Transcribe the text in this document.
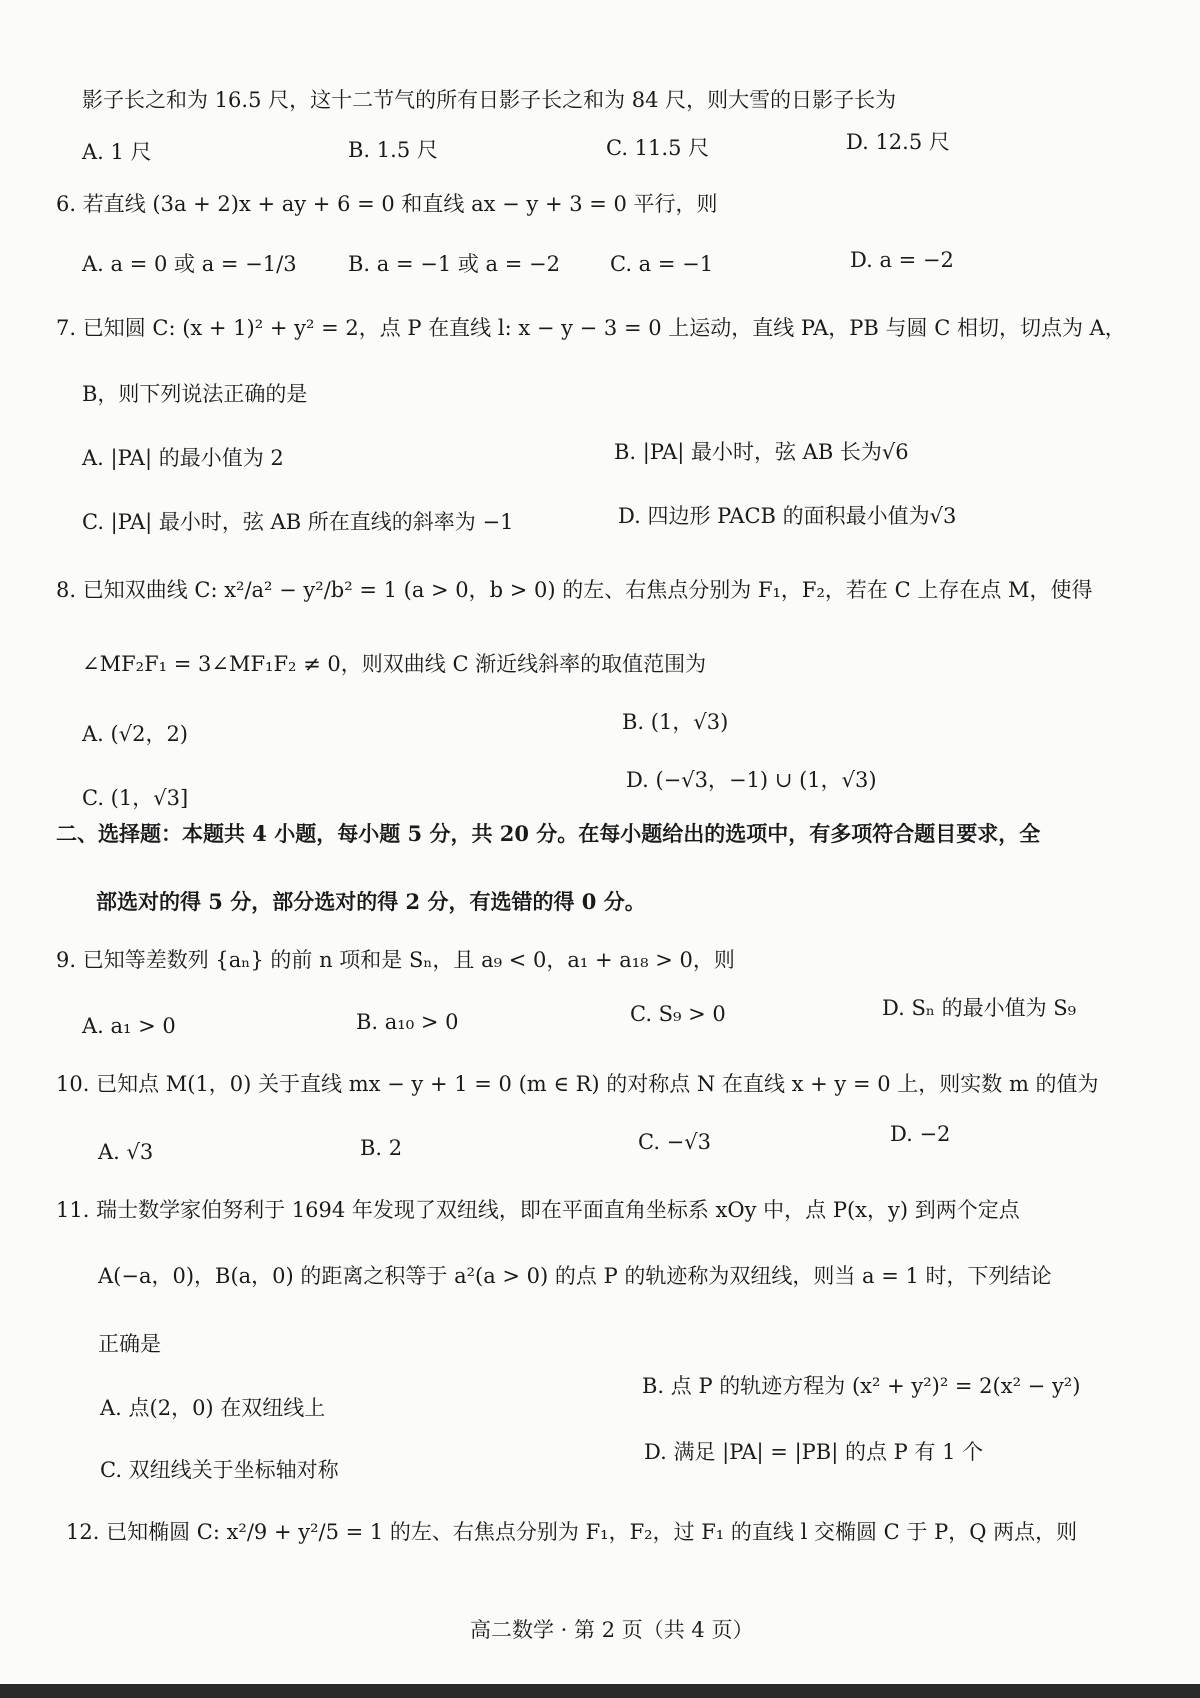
影子长之和为 16.5 尺，这十二节气的所有日影子长之和为 84 尺，则大雪的日影子长为
A. 1 尺	B. 1.5 尺	C. 11.5 尺	D. 12.5 尺
6. 若直线 (3a + 2)x + ay + 6 = 0 和直线 ax − y + 3 = 0 平行，则
A. a = 0 或 a = −1/3 B. a = −1 或 a = −2 C. a = −1	D. a = −2
7. 已知圆 C: (x + 1)² + y² = 2，点 P 在直线 l: x − y − 3 = 0 上运动，直线 PA，PB 与圆 C 相切，切点为 A，
B，则下列说法正确的是
A. |PA| 的最小值为 2	B. |PA| 最小时，弦 AB 长为√6
C. |PA| 最小时，弦 AB 所在直线的斜率为 −1	D. 四边形 PACB 的面积最小值为√3
8. 已知双曲线 C: x²/a² − y²/b² = 1 (a > 0，b > 0) 的左、右焦点分别为 F₁，F₂，若在 C 上存在点 M，使得
∠MF₂F₁ = 3∠MF₁F₂ ≠ 0，则双曲线 C 渐近线斜率的取值范围为
A. (√2，2)	B. (1，√3)
C. (1，√3]
D. (−√3，−1) ∪ (1，√3)
二、选择题：本题共 4 小题，每小题 5 分，共 20 分。在每小题给出的选项中，有多项符合题目要求，全
部选对的得 5 分，部分选对的得 2 分，有选错的得 0 分。
9. 已知等差数列 {aₙ} 的前 n 项和是 Sₙ，且 a₉ < 0，a₁ + a₁₈ > 0，则
A. a₁ > 0	B. a₁₀ > 0	C. S₉ > 0	D. Sₙ 的最小值为 S₉
10. 已知点 M(1，0) 关于直线 mx − y + 1 = 0 (m ∈ R) 的对称点 N 在直线 x + y = 0 上，则实数 m 的值为
A. √3	B. 2	C. −√3	D. −2
11. 瑞士数学家伯努利于 1694 年发现了双纽线，即在平面直角坐标系 xOy 中，点 P(x，y) 到两个定点
A(−a，0)，B(a，0) 的距离之积等于 a²(a > 0) 的点 P 的轨迹称为双纽线，则当 a = 1 时，下列结论
正确是
A. 点(2，0) 在双纽线上
B. 点 P 的轨迹方程为 (x² + y²)² = 2(x² − y²)
C. 双纽线关于坐标轴对称
D. 满足 |PA| = |PB| 的点 P 有 1 个
12. 已知椭圆 C: x²/9 + y²/5 = 1 的左、右焦点分别为 F₁，F₂，过 F₁ 的直线 l 交椭圆 C 于 P，Q 两点，则
高二数学 · 第 2 页（共 4 页）
